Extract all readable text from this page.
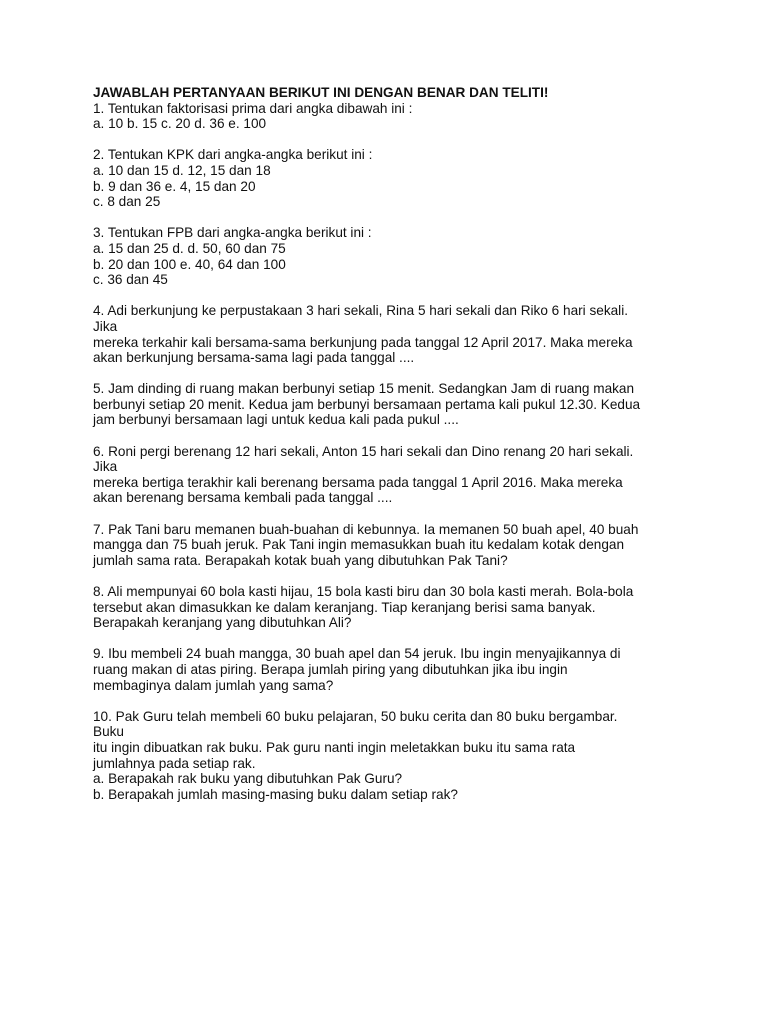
JAWABLAH PERTANYAAN BERIKUT INI DENGAN BENAR DAN TELITI!

1. Tentukan faktorisasi prima dari angka dibawah ini :

a. 10 b. 15 c. 20 d. 36 e. 100

2. Tentukan KPK dari angka-angka berikut ini :

a. 10 dan 15 d. 12, 15 dan 18

b. 9 dan 36 e. 4, 15 dan 20

c. 8 dan 25

3. Tentukan FPB dari angka-angka berikut ini :

a. 15 dan 25 d. d. 50, 60 dan 75

b. 20 dan 100 e. 40, 64 dan 100

c. 36 dan 45

4. Adi berkunjung ke perpustakaan 3 hari sekali, Rina 5 hari sekali dan Riko 6 hari sekali.

Jika

mereka terkahir kali bersama-sama berkunjung pada tanggal 12 April 2017. Maka mereka

akan berkunjung bersama-sama lagi pada tanggal ....

5. Jam dinding di ruang makan berbunyi setiap 15 menit. Sedangkan Jam di ruang makan

berbunyi setiap 20 menit. Kedua jam berbunyi bersamaan pertama kali pukul 12.30. Kedua

jam berbunyi bersamaan lagi untuk kedua kali pada pukul ....

6. Roni pergi berenang 12 hari sekali, Anton 15 hari sekali dan Dino renang 20 hari sekali.

Jika

mereka bertiga terakhir kali berenang bersama pada tanggal 1 April 2016. Maka mereka

akan berenang bersama kembali pada tanggal ....

7. Pak Tani baru memanen buah-buahan di kebunnya. Ia memanen 50 buah apel, 40 buah

mangga dan 75 buah jeruk. Pak Tani ingin memasukkan buah itu kedalam kotak dengan

jumlah sama rata. Berapakah kotak buah yang dibutuhkan Pak Tani?

8. Ali mempunyai 60 bola kasti hijau, 15 bola kasti biru dan 30 bola kasti merah. Bola-bola

tersebut akan dimasukkan ke dalam keranjang. Tiap keranjang berisi sama banyak.

Berapakah keranjang yang dibutuhkan Ali?

9. Ibu membeli 24 buah mangga, 30 buah apel dan 54 jeruk. Ibu ingin menyajikannya di

ruang makan di atas piring. Berapa jumlah piring yang dibutuhkan jika ibu ingin

membaginya dalam jumlah yang sama?

10. Pak Guru telah membeli 60 buku pelajaran, 50 buku cerita dan 80 buku bergambar.

Buku

itu ingin dibuatkan rak buku. Pak guru nanti ingin meletakkan buku itu sama rata

jumlahnya pada setiap rak.

a. Berapakah rak buku yang dibutuhkan Pak Guru?

b. Berapakah jumlah masing-masing buku dalam setiap rak?
